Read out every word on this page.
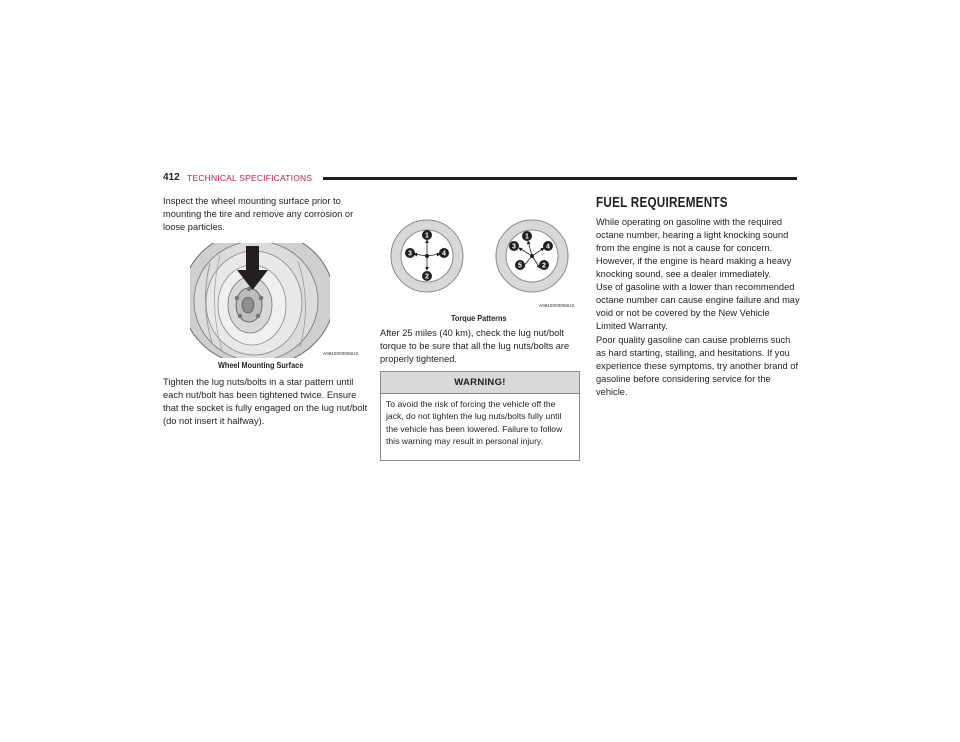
412 TECHNICAL SPECIFICATIONS
Inspect the wheel mounting surface prior to mounting the tire and remove any corrosion or loose particles.
A0910000006US
Wheel Mounting Surface
Tighten the lug nuts/bolts in a star pattern until each nut/bolt has been tightened twice. Ensure that the socket is fully engaged on the lug nut/bolt (do not insert it halfway).
1
2
3	4
1
2
3	4
5
A0910000005US
Torque Patterns
After 25 miles (40 km), check the lug nut/bolt torque to be sure that all the lug nuts/bolts are properly tightened.
WARNING!
To avoid the risk of forcing the vehicle off the jack, do not tighten the lug nuts/bolts fully until the vehicle has been lowered. Failure to follow this warning may result in personal injury.
FUEL REQUIREMENTS
While operating on gasoline with the required octane number, hearing a light knocking sound from the engine is not a cause for concern. However, if the engine is heard making a heavy knocking sound, see a dealer immediately.
Use of gasoline with a lower than recommended octane number can cause engine failure and may void or not be covered by the New Vehicle Limited Warranty.
Poor quality gasoline can cause problems such as hard starting, stalling, and hesitations. If you experience these symptoms, try another brand of gasoline before considering service for the vehicle.
